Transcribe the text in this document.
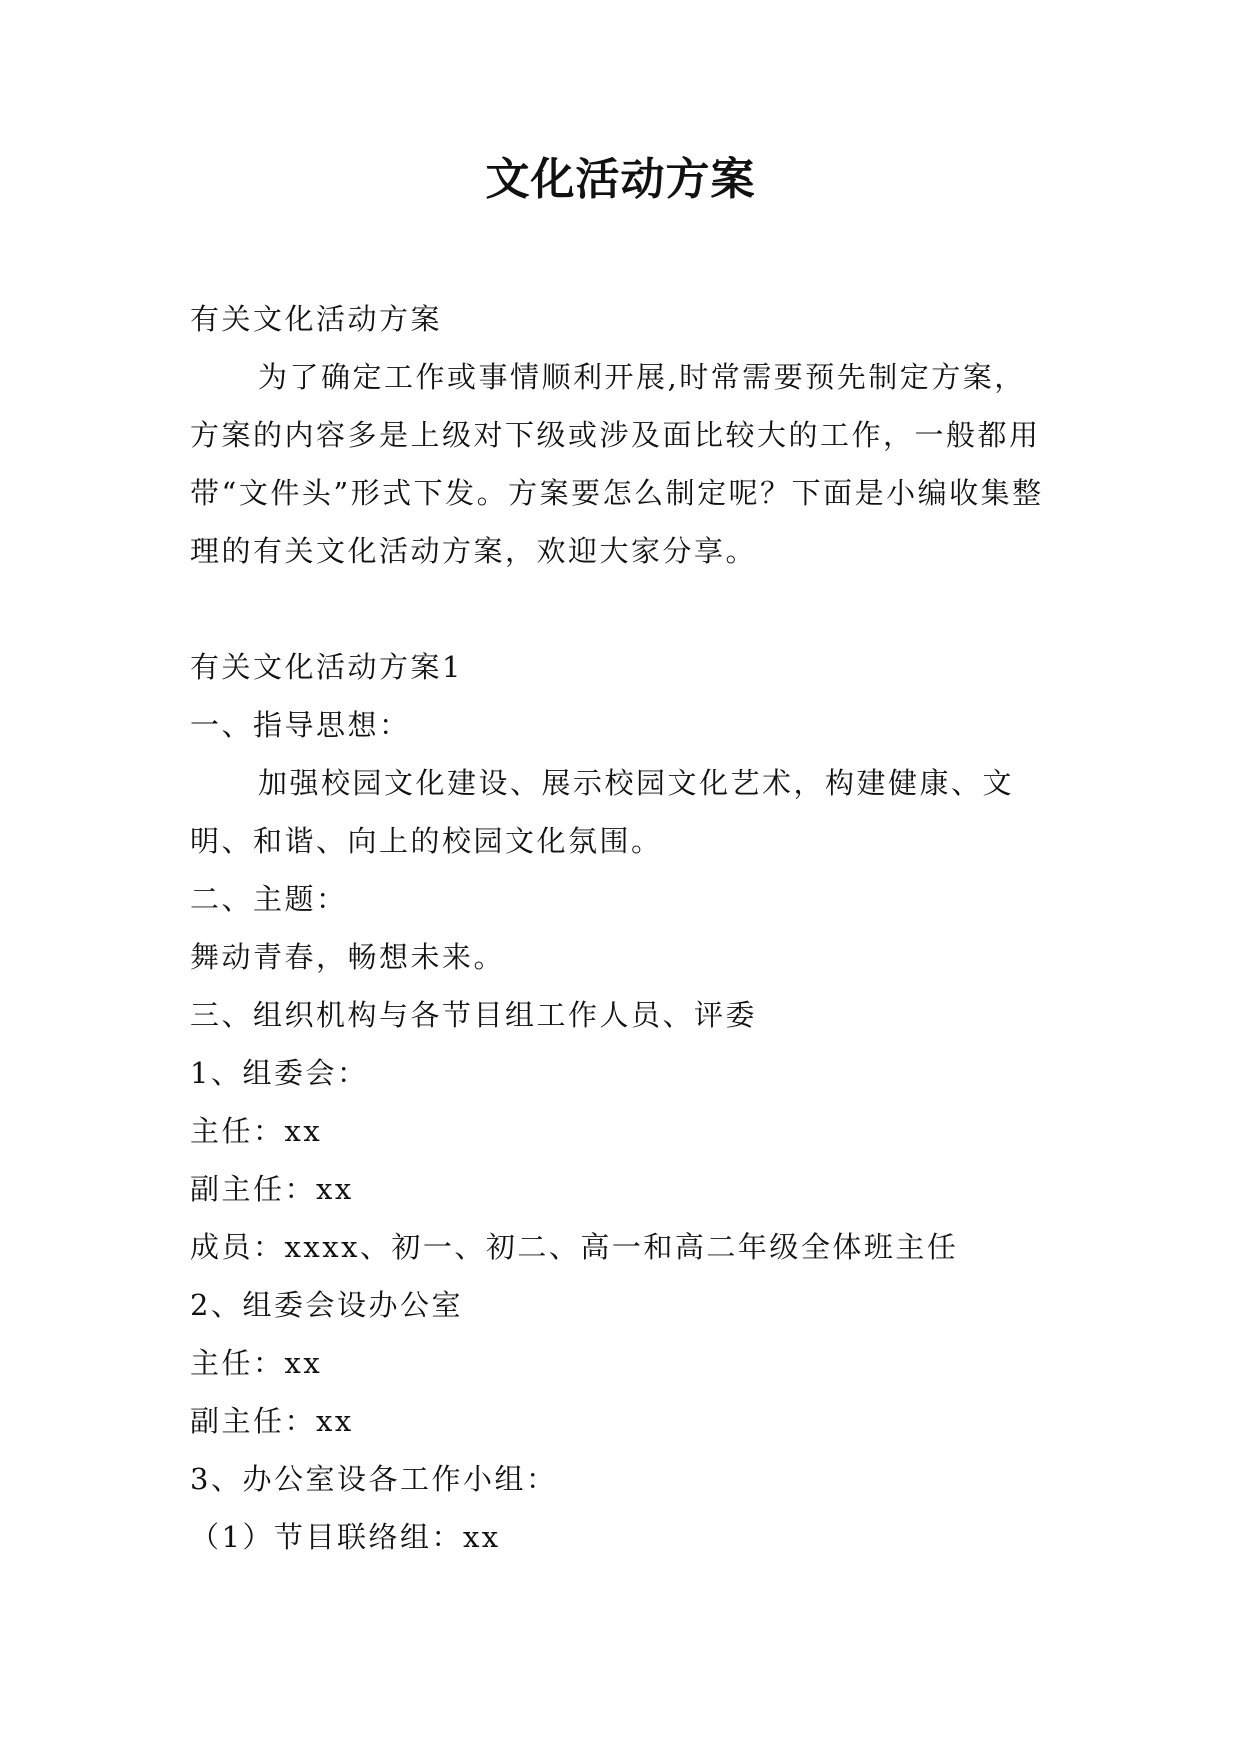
文化活动方案

有关文化活动方案

为了确定工作或事情顺利开展,时常需要预先制定方案，方案的内容多是上级对下级或涉及面比较大的工作，一般都用带“文件头”形式下发。方案要怎么制定呢？下面是小编收集整理的有关文化活动方案，欢迎大家分享。

有关文化活动方案1

一、指导思想：

加强校园文化建设、展示校园文化艺术，构建健康、文明、和谐、向上的校园文化氛围。

二、主题：

舞动青春，畅想未来。

三、组织机构与各节目组工作人员、评委

1、组委会：

主任：xx

副主任：xx

成员：xxxx、初一、初二、高一和高二年级全体班主任

2、组委会设办公室

主任：xx

副主任：xx

3、办公室设各工作小组：

（1）节目联络组：xx
